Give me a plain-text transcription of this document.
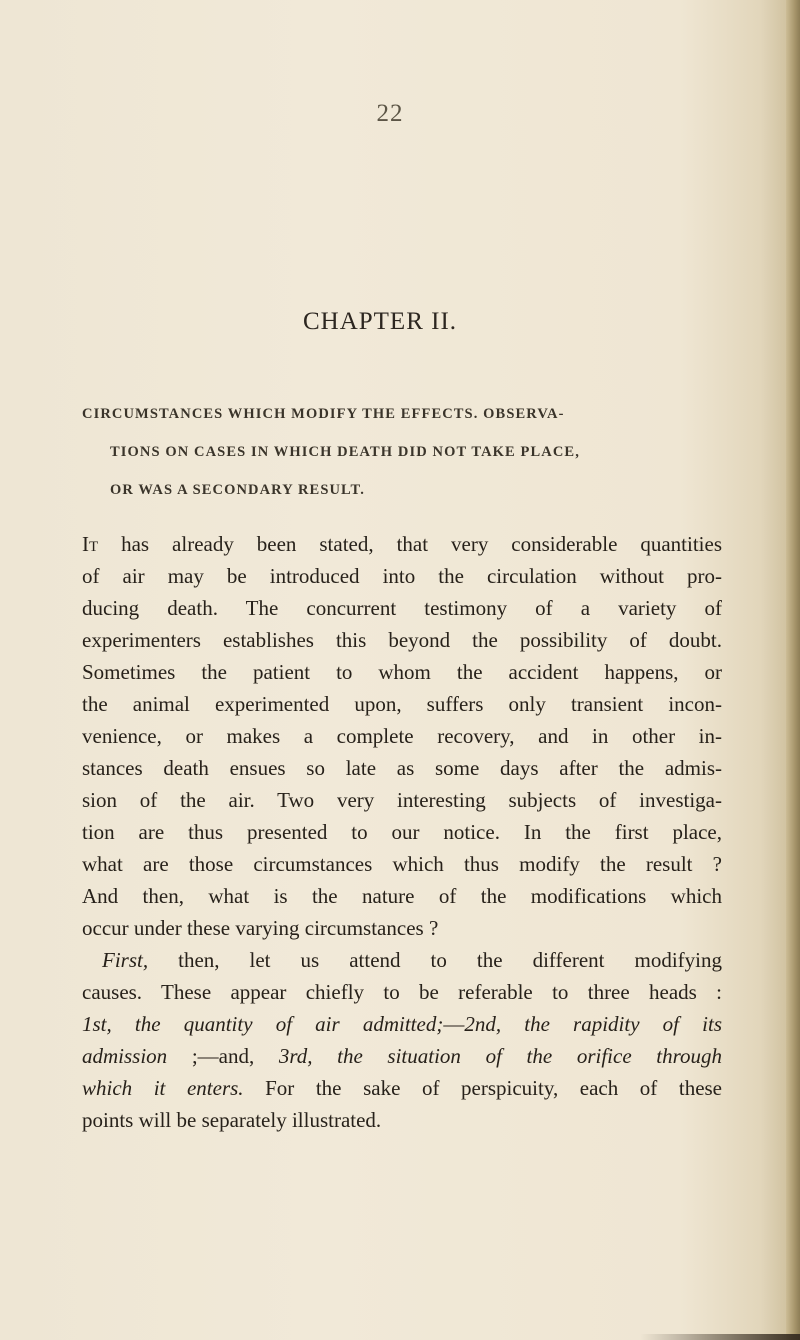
22
CHAPTER II.
CIRCUMSTANCES WHICH MODIFY THE EFFECTS. OBSERVA-
TIONS ON CASES IN WHICH DEATH DID NOT TAKE PLACE,
OR WAS A SECONDARY RESULT.
It has already been stated, that very considerable quantities
of air may be introduced into the circulation without pro-
ducing death. The concurrent testimony of a variety of
experimenters establishes this beyond the possibility of doubt.
Sometimes the patient to whom the accident happens, or
the animal experimented upon, suffers only transient incon-
venience, or makes a complete recovery, and in other in-
stances death ensues so late as some days after the admis-
sion of the air. Two very interesting subjects of investiga-
tion are thus presented to our notice. In the first place,
what are those circumstances which thus modify the result ?
And then, what is the nature of the modifications which
occur under these varying circumstances ?
First, then, let us attend to the different modifying
causes. These appear chiefly to be referable to three heads :
1st, the quantity of air admitted;—2nd, the rapidity of its
admission ;—and, 3rd, the situation of the orifice through
which it enters. For the sake of perspicuity, each of these
points will be separately illustrated.
